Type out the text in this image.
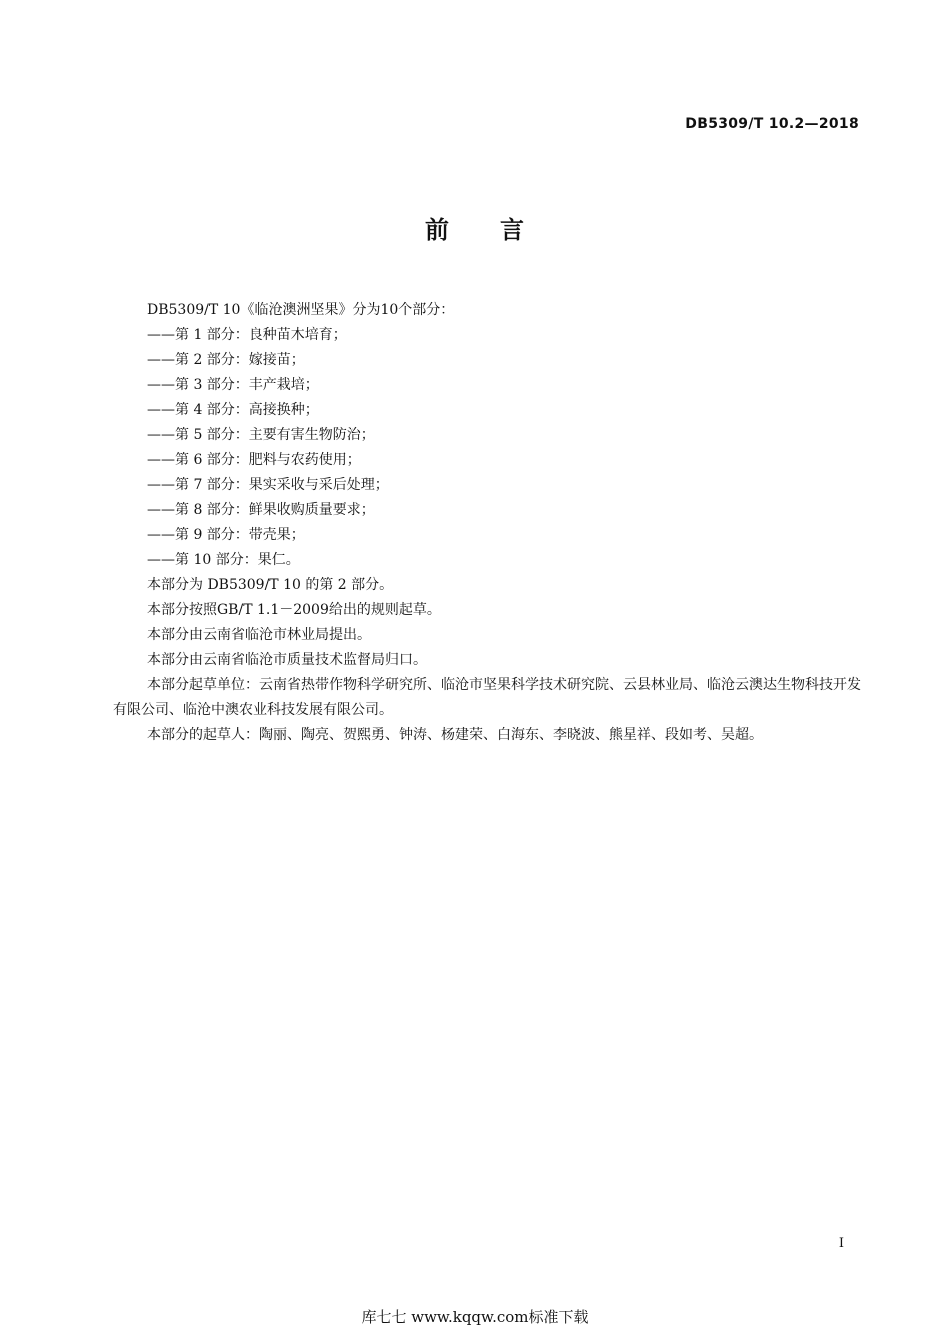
DB5309/T 10.2—2018
前 言

DB5309/T 10《临沧澳洲坚果》分为10个部分：

——第 1 部分：良种苗木培育；

——第 2 部分：嫁接苗；

——第 3 部分：丰产栽培；

——第 4 部分：高接换种；

——第 5 部分：主要有害生物防治；

——第 6 部分：肥料与农药使用；

——第 7 部分：果实采收与采后处理；

——第 8 部分：鲜果收购质量要求；

——第 9 部分：带壳果；

——第 10 部分：果仁。

本部分为 DB5309/T 10 的第 2 部分。

本部分按照GB/T 1.1－2009给出的规则起草。

本部分由云南省临沧市林业局提出。

本部分由云南省临沧市质量技术监督局归口。

本部分起草单位：云南省热带作物科学研究所、临沧市坚果科学技术研究院、云县林业局、临沧云澳达生物科技开发有限公司、临沧中澳农业科技发展有限公司。

本部分的起草人：陶丽、陶亮、贺熙勇、钟涛、杨建荣、白海东、李晓波、熊星祥、段如考、吴超。

I
库七七 www.kqqw.com标准下载
